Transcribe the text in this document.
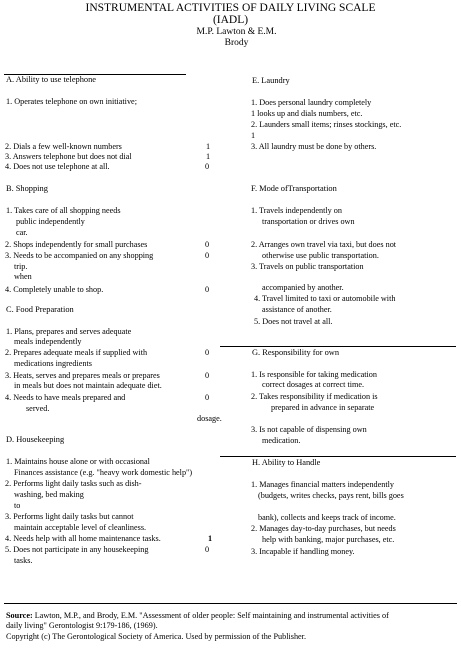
INSTRUMENTAL ACTIVITIES OF DAILY LIVING SCALE
(IADL)
M.P. Lawton & E.M.
Brody
A. Ability to use telephone
1. Operates telephone on own initiative;
2. Dials a few well-known numbers	1
3. Answers telephone but does not dial	1
4. Does not use telephone at all.	0
B. Shopping
1. Takes care of all shopping needs
public independently
car.
2. Shops independently for small purchases	0
3. Needs to be accompanied on any shopping	0
trip.
when
4. Completely unable to shop.	0
C. Food Preparation
1. Plans, prepares and serves adequate
meals independently
2. Prepares adequate meals if supplied with	0
medications ingredients
3. Heats, serves and prepares meals or prepares	0
in meals but does not maintain adequate diet.
4. Needs to have meals prepared and	0
served.
dosage.
D. Housekeeping
1. Maintains house alone or with occasional
Finances assistance (e.g. "heavy work domestic help")
2. Performs light daily tasks such as dish-
washing, bed making
to
3. Performs light daily tasks but cannot
maintain acceptable level of cleanliness.
4. Needs help with all home maintenance tasks.	1
5. Does not participate in any housekeeping	0
tasks.
E. Laundry
1. Does personal laundry completely
1 looks up and dials numbers, etc.
2. Launders small items; rinses stockings, etc.
1
3. All laundry must be done by others.
F. Mode ofTransportation
1. Travels independently on
transportation or drives own
2. Arranges own travel via taxi, but does not
otherwise use public transportation.
3. Travels on public transportation
accompanied by another.
4. Travel limited to taxi or automobile with
assistance of another.
5. Does not travel at all.
G. Responsibility for own
1. Is responsible for taking medication
correct dosages at correct time.
2. Takes responsibility if medication is
prepared in advance in separate
3. Is not capable of dispensing own
medication.
H. Ability to Handle
1. Manages financial matters independently
(budgets, writes checks, pays rent, bills goes
bank), collects and keeps track of income.
2. Manages day-to-day purchases, but needs
help with banking, major purchases, etc.
3. Incapable if handling money.
Source: Lawton, M.P., and Brody, E.M. "Assessment of older people: Self maintaining and instrumental activities of
daily living" Gerontologist 9:179-186, (1969).
Copyright (c) The Gerontological Society of America. Used by permission of the Publisher.
